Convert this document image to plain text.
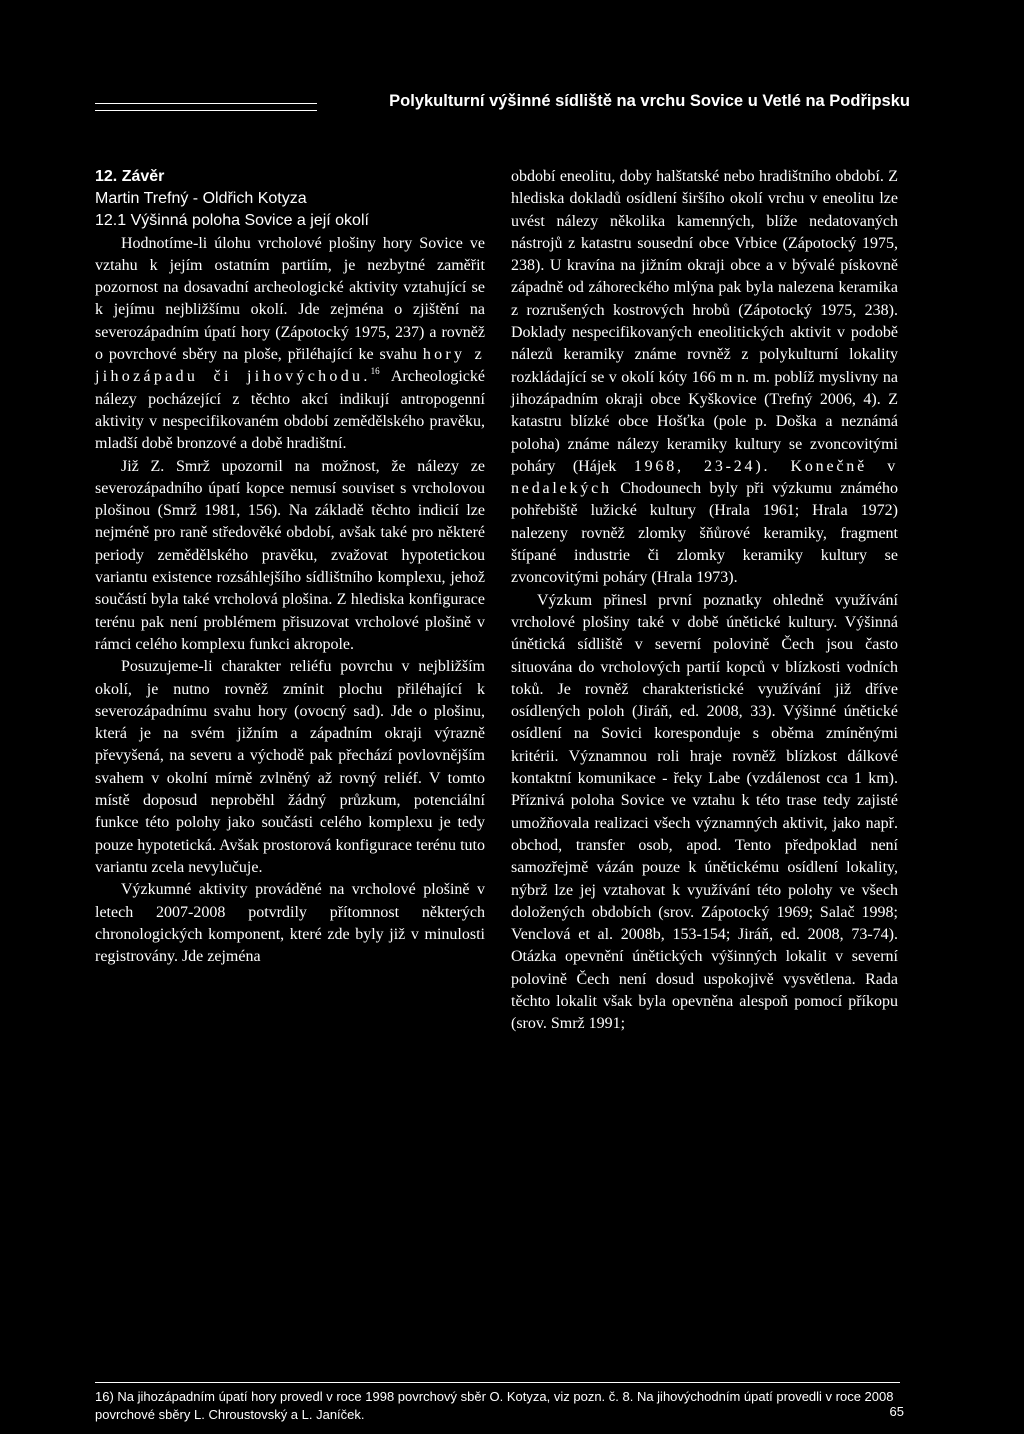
Polykulturní výšinné sídliště na vrchu Sovice u Vetlé na Podřipsku

12. Závěr

Martin Trefný - Oldřich Kotyza

12.1 Výšinná poloha Sovice a její okolí

Hodnotíme-li úlohu vrcholové plošiny hory Sovice ve vztahu k jejím ostatním partiím, je nezbytné zaměřit pozornost na dosavadní archeologické aktivity vztahující se k jejímu nejbližšímu okolí. Jde zejména o zjištění na severozápadním úpatí hory (Zápotocký 1975, 237) a rovněž o povrchové sběry na ploše, přiléhající ke svahu hory z jihozápadu či jihovýchodu.$^{16}$ Archeologické nálezy pocházející z těchto akcí indikují antropogenní aktivity v nespecifikovaném období zemědělského pravěku, mladší době bronzové a době hradištní.

Již Z. Smrž upozornil na možnost, že nálezy ze severozápadního úpatí kopce nemusí souviset s vrcholovou plošinou (Smrž 1981, 156). Na základě těchto indicií lze nejméně pro raně středověké období, avšak také pro některé periody zemědělského pravěku, zvažovat hypotetickou variantu existence rozsáhlejšího sídlištního komplexu, jehož součástí byla také vrcholová plošina. Z hlediska konfigurace terénu pak není problémem přisuzovat vrcholové plošině v rámci celého komplexu funkci akropole.

Posuzujeme-li charakter reliéfu povrchu v nejbližším okolí, je nutno rovněž zmínit plochu přiléhající k severozápadnímu svahu hory (ovocný sad). Jde o plošinu, která je na svém jižním a západním okraji výrazně převyšená, na severu a východě pak přechází povlovnějším svahem v okolní mírně zvlněný až rovný reliéf. V tomto místě doposud neproběhl žádný průzkum, potenciální funkce této polohy jako součásti celého komplexu je tedy pouze hypotetická. Avšak prostorová konfigurace terénu tuto variantu zcela nevylučuje.

Výzkumné aktivity prováděné na vrcholové plošině v letech 2007-2008 potvrdily přítomnost některých chronologických komponent, které zde byly již v minulosti registrovány. Jde zejména

období eneolitu, doby halštatské nebo hradištního období. Z hlediska dokladů osídlení širšího okolí vrchu v eneolitu lze uvést nálezy několika kamenných, blíže nedatovaných nástrojů z katastru sousední obce Vrbice (Zápotocký 1975, 238). U kravína na jižním okraji obce a v bývalé pískovně západně od záhoreckého mlýna pak byla nalezena keramika z rozrušených kostrových hrobů (Zápotocký 1975, 238). Doklady nespecifikovaných eneolitických aktivit v podobě nálezů keramiky známe rovněž z polykulturní lokality rozkládající se v okolí kóty 166 m n. m. poblíž myslivny na jihozápadním okraji obce Kyškovice (Trefný 2006, 4). Z katastru blízké obce Hošťka (pole p. Doška a neznámá poloha) známe nálezy keramiky kultury se zvoncovitými poháry (Hájek 1968, 23-24). Konečně v nedalekých Chodounech byly při výzkumu známého pohřebiště lužické kultury (Hrala 1961; Hrala 1972) nalezeny rovněž zlomky šňůrové keramiky, fragment štípané industrie či zlomky keramiky kultury se zvoncovitými poháry (Hrala 1973).

Výzkum přinesl první poznatky ohledně využívání vrcholové plošiny také v době únětické kultury. Výšinná únětická sídliště v severní polovině Čech jsou často situována do vrcholových partií kopců v blízkosti vodních toků. Je rovněž charakteristické využívání již dříve osídlených poloh (Jiráň, ed. 2008, 33). Výšinné únětické osídlení na Sovici koresponduje s oběma zmíněnými kritérii. Významnou roli hraje rovněž blízkost dálkové kontaktní komunikace - řeky Labe (vzdálenost cca 1 km). Příznivá poloha Sovice ve vztahu k této trase tedy zajisté umožňovala realizaci všech významných aktivit, jako např. obchod, transfer osob, apod. Tento předpoklad není samozřejmě vázán pouze k únětickému osídlení lokality, nýbrž lze jej vztahovat k využívání této polohy ve všech doložených obdobích (srov. Zápotocký 1969; Salač 1998; Venclová et al. 2008b, 153-154; Jiráň, ed. 2008, 73-74). Otázka opevnění únětických výšinných lokalit v severní polovině Čech není dosud uspokojivě vysvětlena. Rada těchto lokalit však byla opevněna alespoň pomocí příkopu (srov. Smrž 1991;

16) Na jihozápadním úpatí hory provedl v roce 1998 povrchový sběr O. Kotyza, viz pozn. č. 8. Na jihovýchodním úpatí provedli v roce 2008 povrchové sběry L. Chroustovský a L. Janíček.	65
